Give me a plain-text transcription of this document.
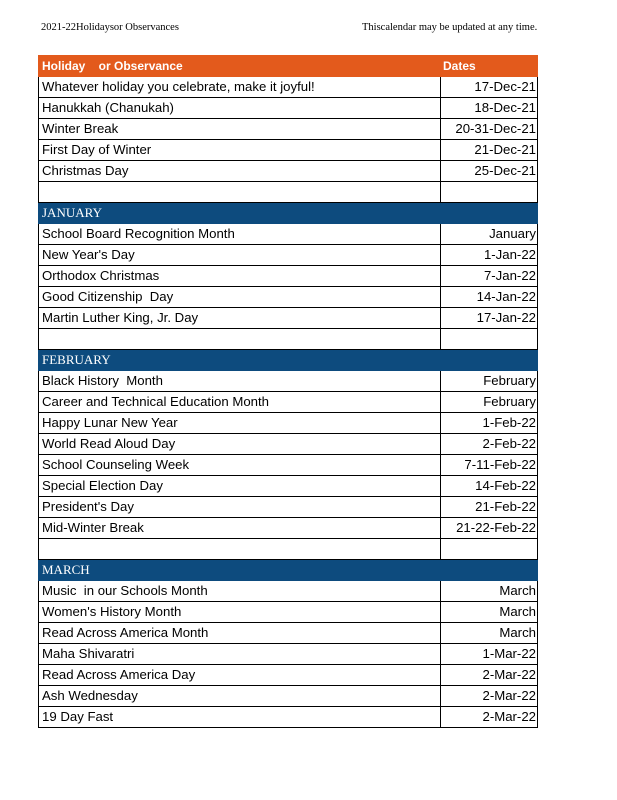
2021-22Holidaysor Observances	Thiscalendar may be updated at any time.
Holiday    or Observance	Dates
Whatever holiday you celebrate, make it joyful!	17-Dec-21
Hanukkah (Chanukah)	18-Dec-21
Winter Break	20-31-Dec-21
First Day of Winter	21-Dec-21
Christmas Day	25-Dec-21

JANUARY	
School Board Recognition Month	January
New Year's Day	1-Jan-22
Orthodox Christmas	7-Jan-22
Good Citizenship  Day	14-Jan-22
Martin Luther King, Jr. Day	17-Jan-22

FEBRUARY	
Black History  Month	February
Career and Technical Education Month	February
Happy Lunar New Year	1-Feb-22
World Read Aloud Day	2-Feb-22
School Counseling Week	7-11-Feb-22
Special Election Day	14-Feb-22
President's Day	21-Feb-22
Mid-Winter Break	21-22-Feb-22

MARCH	
Music  in our Schools Month	March
Women's History Month	March
Read Across America Month	March
Maha Shivaratri	1-Mar-22
Read Across America Day	2-Mar-22
Ash Wednesday	2-Mar-22
19 Day Fast	2-Mar-22
